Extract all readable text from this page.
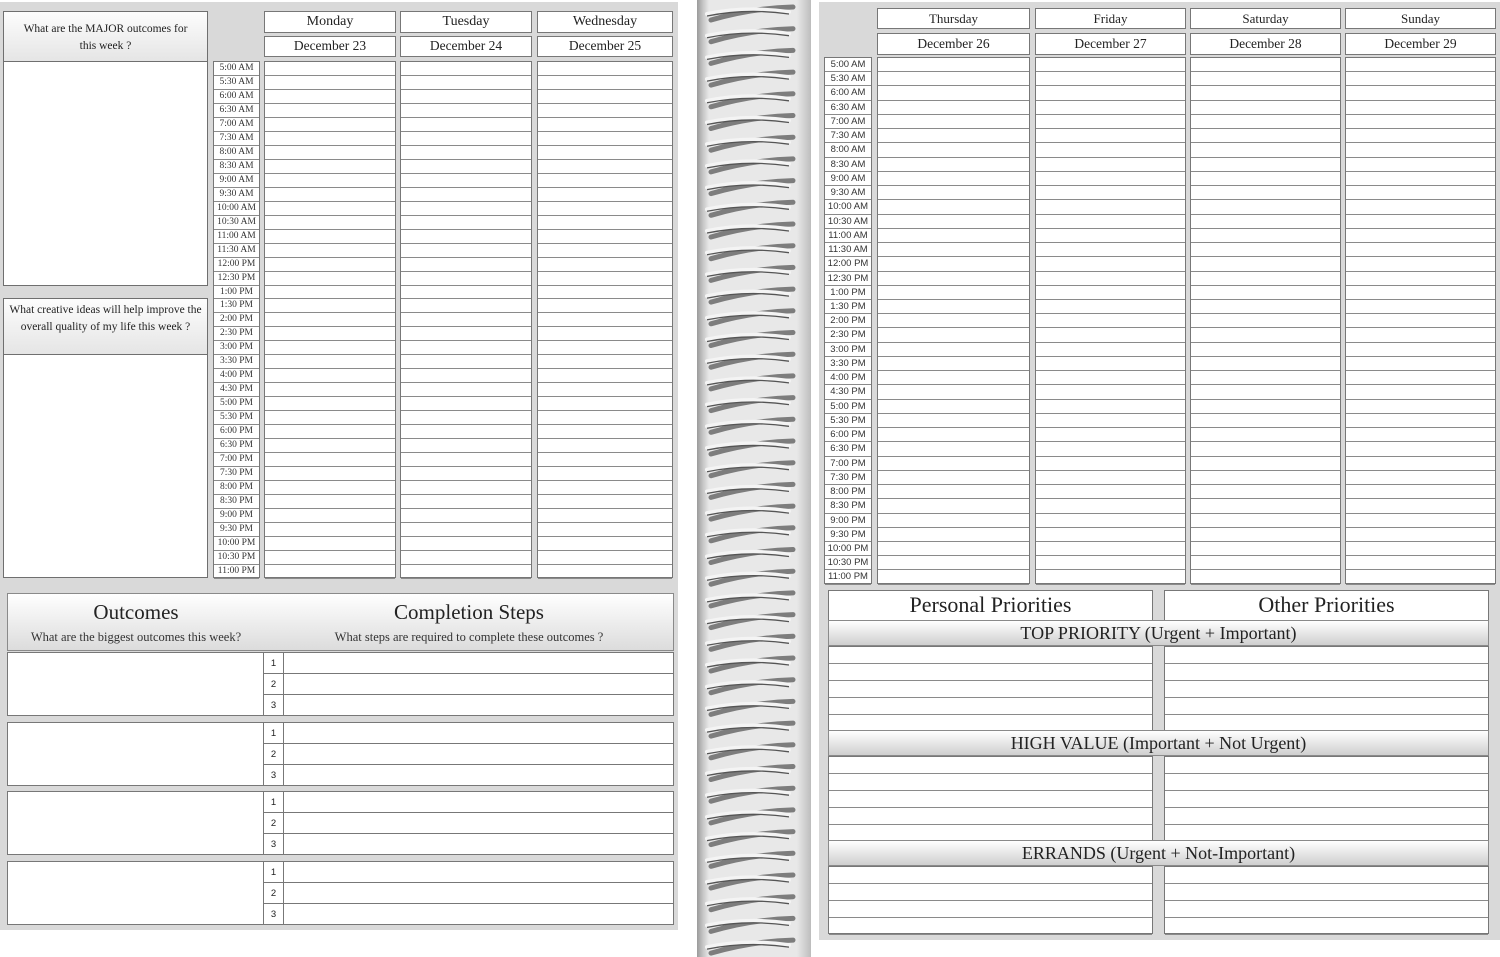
What are the MAJOR outcomes for this week ?
What creative ideas will help improve the overall quality of my life this week ?
Monday	Tuesday	Wednesday
December 23	December 24	December 25
5:00 AM
5:30 AM
6:00 AM
6:30 AM
7:00 AM
7:30 AM
8:00 AM
8:30 AM
9:00 AM
9:30 AM
10:00 AM
10:30 AM
11:00 AM
11:30 AM
12:00 PM
12:30 PM
1:00 PM
1:30 PM
2:00 PM
2:30 PM
3:00 PM
3:30 PM
4:00 PM
4:30 PM
5:00 PM
5:30 PM
6:00 PM
6:30 PM
7:00 PM
7:30 PM
8:00 PM
8:30 PM
9:00 PM
9:30 PM
10:00 PM
10:30 PM
11:00 PM
Outcomes
What are the biggest outcomes this week?
Completion Steps
What steps are required to complete these outcomes ?
1
2
3
1
2
3
1
2
3
1
2
3
Thursday	Friday	Saturday	Sunday
December 26	December 27	December 28	December 29
5:00 AM
5:30 AM
6:00 AM
6:30 AM
7:00 AM
7:30 AM
8:00 AM
8:30 AM
9:00 AM
9:30 AM
10:00 AM
10:30 AM
11:00 AM
11:30 AM
12:00 PM
12:30 PM
1:00 PM
1:30 PM
2:00 PM
2:30 PM
3:00 PM
3:30 PM
4:00 PM
4:30 PM
5:00 PM
5:30 PM
6:00 PM
6:30 PM
7:00 PM
7:30 PM
8:00 PM
8:30 PM
9:00 PM
9:30 PM
10:00 PM
10:30 PM
11:00 PM
Personal Priorities	Other Priorities
TOP PRIORITY (Urgent + Important)
HIGH VALUE (Important + Not Urgent)
ERRANDS (Urgent + Not-Important)
